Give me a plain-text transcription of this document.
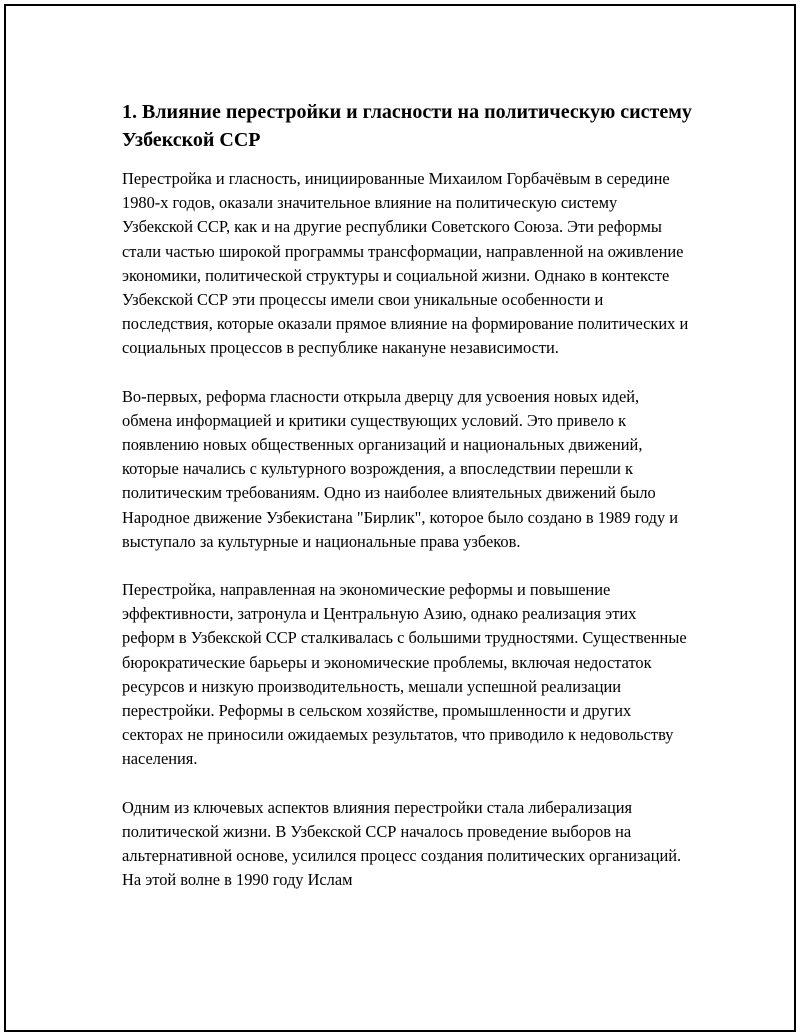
1. Влияние перестройки и гласности на политическую систему Узбекской ССР

Перестройка и гласность, инициированные Михаилом Горбачёвым в середине 1980-х годов, оказали значительное влияние на политическую систему Узбекской ССР, как и на другие республики Советского Союза. Эти реформы стали частью широкой программы трансформации, направленной на оживление экономики, политической структуры и социальной жизни. Однако в контексте Узбекской ССР эти процессы имели свои уникальные особенности и последствия, которые оказали прямое влияние на формирование политических и социальных процессов в республике накануне независимости.

Во-первых, реформа гласности открыла дверцу для усвоения новых идей, обмена информацией и критики существующих условий. Это привело к появлению новых общественных организаций и национальных движений, которые начались с культурного возрождения, а впоследствии перешли к политическим требованиям. Одно из наиболее влиятельных движений было Народное движение Узбекистана "Бирлик", которое было создано в 1989 году и выступало за культурные и национальные права узбеков.

Перестройка, направленная на экономические реформы и повышение эффективности, затронула и Центральную Азию, однако реализация этих реформ в Узбекской ССР сталкивалась с большими трудностями. Существенные бюрократические барьеры и экономические проблемы, включая недостаток ресурсов и низкую производительность, мешали успешной реализации перестройки. Реформы в сельском хозяйстве, промышленности и других секторах не приносили ожидаемых результатов, что приводило к недовольству населения.

Одним из ключевых аспектов влияния перестройки стала либерализация политической жизни. В Узбекской ССР началось проведение выборов на альтернативной основе, усилился процесс создания политических организаций. На этой волне в 1990 году Ислам
